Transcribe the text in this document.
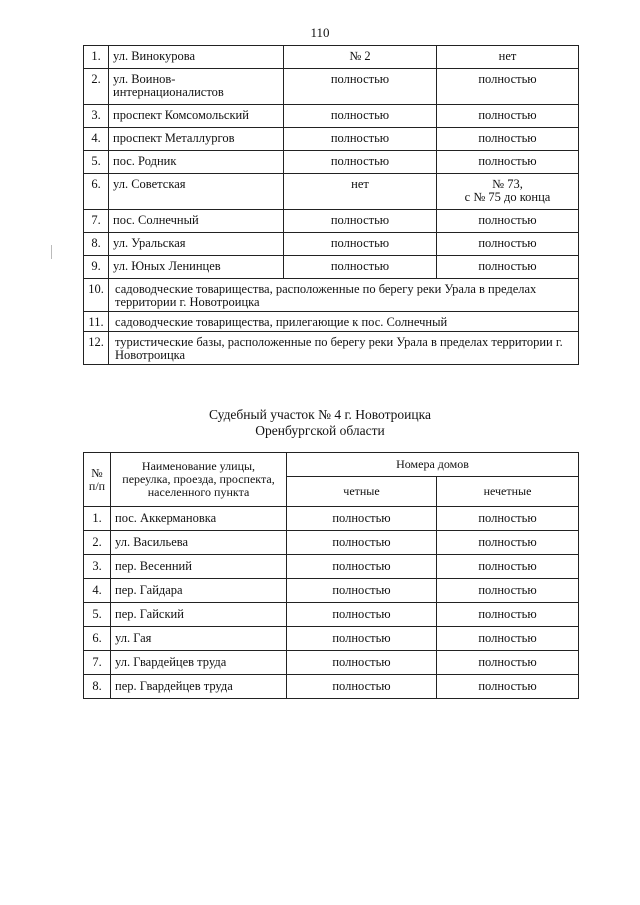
110
1.	ул. Винокурова	№ 2	нет
2.	ул. Воинов-интернационалистов	полностью	полностью
3.	проспект Комсомольский	полностью	полностью
4.	проспект Металлургов	полностью	полностью
5.	пос. Родник	полностью	полностью
6.	ул. Советская	нет	№ 73,
с № 75 до конца
7.	пос. Солнечный	полностью	полностью
8.	ул. Уральская	полностью	полностью
9.	ул. Юных Ленинцев	полностью	полностью
10.	садоводческие товарищества, расположенные по берегу реки Урала в пределах территории г. Новотроицка		
11.	садоводческие товарищества, прилегающие к пос. Солнечный		
12.	туристические базы, расположенные по берегу реки Урала в пределах территории г. Новотроицка		
Судебный участок № 4 г. Новотроицка
Оренбургской области
№ п/п	Наименование улицы, переулка, проезда, проспекта, населенного пункта	Номера домов	
		четные	нечетные
1.	пос. Аккермановка	полностью	полностью
2.	ул. Васильева	полностью	полностью
3.	пер. Весенний	полностью	полностью
4.	пер. Гайдара	полностью	полностью
5.	пер. Гайский	полностью	полностью
6.	ул. Гая	полностью	полностью
7.	ул. Гвардейцев труда	полностью	полностью
8.	пер. Гвардейцев труда	полностью	полностью
